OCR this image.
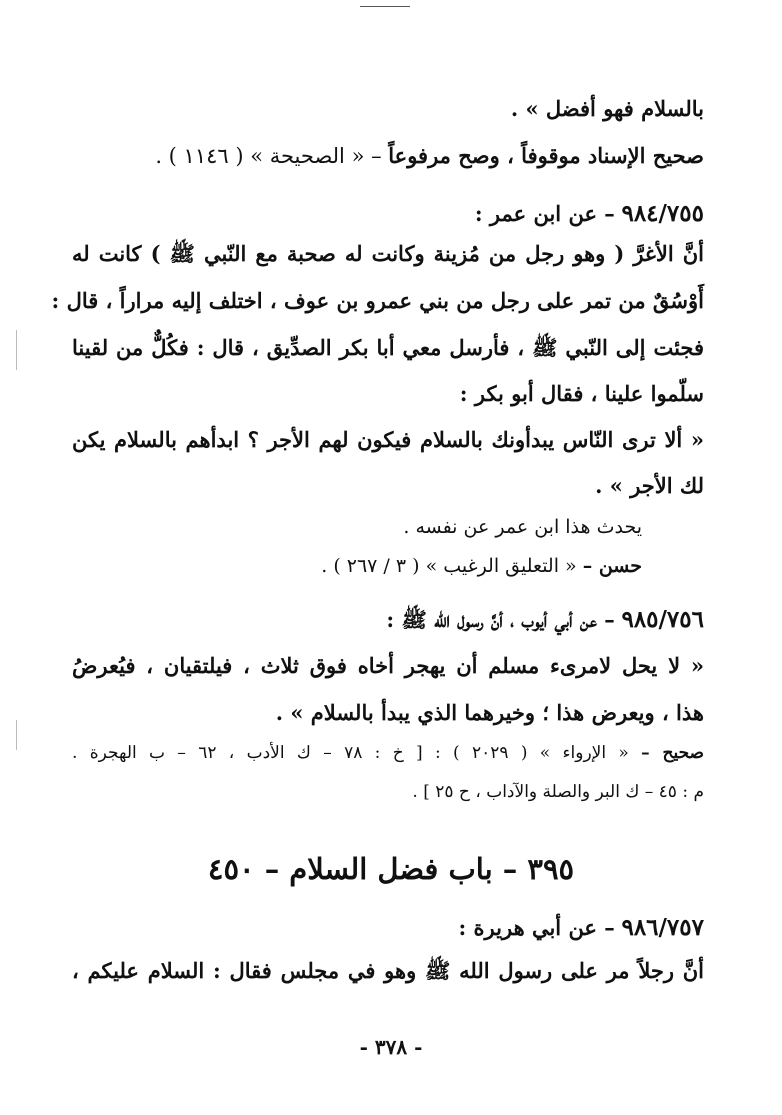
بالسلام فهو أفضل » .
صحيح الإسناد موقوفاً ، وصح مرفوعاً – « الصحيحة » ( ١١٤٦ ) .
٩٨٤/٧٥٥ – عن ابن عمر :
أنَّ الأغرَّ ( وهو رجل من مُزينة وكانت له صحبة مع النّبي ﷺ ) كانت له
أَوْسُقٌ من تمر على رجل من بني عمرو بن عوف ، اختلف إليه مراراً ، قال :
فجئت إلى النّبي ﷺ ، فأرسل معي أبا بكر الصدِّيق ، قال : فكُلٌّ من لقينا
سلّموا علينا ، فقال أبو بكر :
« ألا ترى النّاس يبدأونك بالسلام فيكون لهم الأجر ؟ ابدأهم بالسلام يكن
لك الأجر » .
يحدث هذا ابن عمر عن نفسه .
حسن – « التعليق الرغيب » ( ٣ / ٢٦٧ ) .
٩٨٥/٧٥٦ – عن أبي أيوب ، أنَّ رسول الله ﷺ :
« لا يحل لامرىء مسلم أن يهجر أخاه فوق ثلاث ، فيلتقيان ، فيُعرضُ
هذا ، ويعرض هذا ؛ وخيرهما الذي يبدأ بالسلام » .
صحيح – « الإرواء » ( ٢٠٢٩ ) : [ خ : ٧٨ – ك الأدب ، ٦٢ – ب الهجرة .
م : ٤٥ – ك البر والصلة والآداب ، ح ٢٥ ] .
٣٩٥ – باب فضل السلام – ٤٥٠
٩٨٦/٧٥٧ – عن أبي هريرة :
أنَّ رجلاً مر على رسول الله ﷺ وهو في مجلس فقال : السلام عليكم ،
- ٣٧٨ -
